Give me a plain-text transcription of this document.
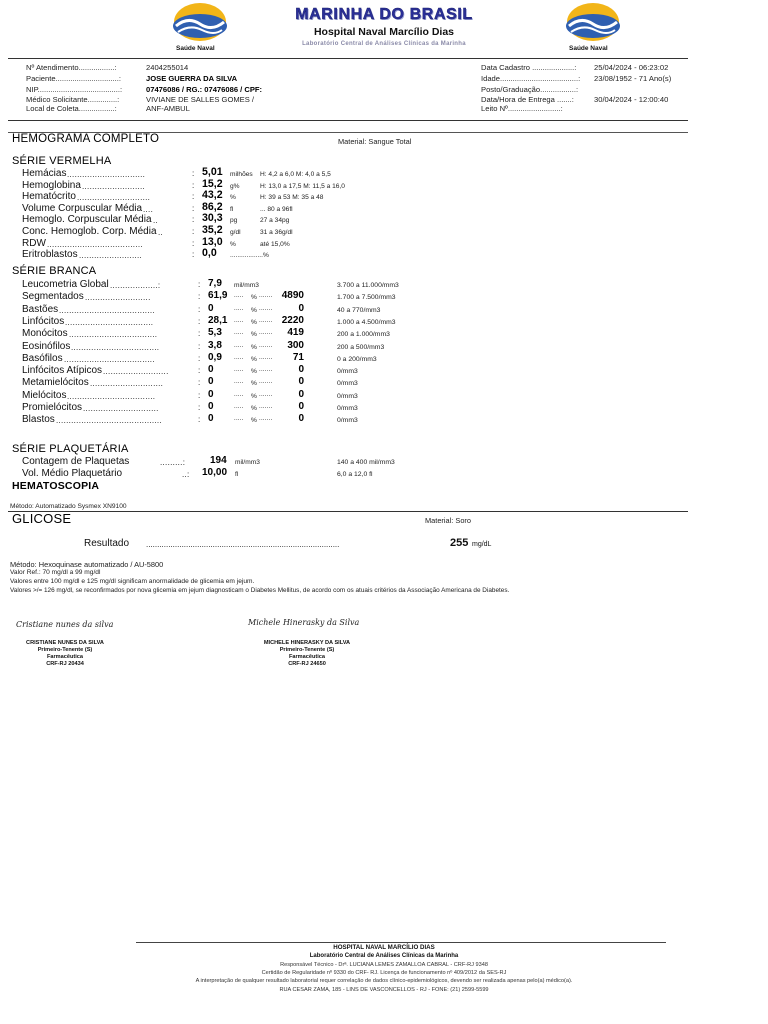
Saúde Naval	Saúde Naval
MARINHA DO BRASIL
Hospital Naval Marcílio Dias
Laboratório Central de Análises Clínicas da Marinha
Nº Atendimento.................:	2404255014
Paciente..............................:	JOSE GUERRA DA SILVA
NIP.......................................:	07476086 / RG.: 07476086 / CPF:
Médico Solicitante..............:	VIVIANE DE SALLES GOMES /
Local de Coleta.................:	ANF-AMBUL
Data Cadastro ....................: 25/04/2024 - 06:23:02
Idade.....................................: 23/08/1952 - 71 Ano(s)
Posto/Graduação.................:
Data/Hora de Entrega .......:	30/04/2024 - 12:00:40
Leito Nº.........................:
HEMOGRAMA COMPLETO	Material: Sangue Total
SÉRIE VERMELHA
Hemácias ...............................	: 5,01 milhões H: 4,2 a 6,0 M: 4,0 a 5,5
Hemoglobina .........................	: 15,2 g%	H: 13,0 a 17,5 M: 11,5 a 16,0
Hematócrito .............................	: 43,2 %	H: 39 a 53 M: 35 a 48
Volume Corpuscular Média ....	: 86,2 fl	... 80 a 96fl
Hemoglo. Corpuscular Média ..	: 30,3 pg	27 a 34pg
Conc. Hemoglob. Corp. Média ..	: 35,2 g/dl	31 a 36g/dl
RDW ......................................	: 13,0 %	até 15,0%
Eritroblastos .........................	: 0,0 ..................%
SÉRIE BRANCA
Leucometria Global ...................:	: 7,9 mil/mm3	3.700 a 11.000/mm3
Segmentados ..........................	: 61,9 ..... % ....... 4890	1.700 a 7.500/mm3
Bastões ......................................	: 0	..... % .......	0	40 a 770/mm3
Linfócitos ...................................	: 28,1 ..... % ....... 2220	1.000 a 4.500/mm3
Monócitos ...................................	: 5,3 ..... % .......	419	200 a 1.000/mm3
Eosinófilos ...................................	: 3,8 ..... % .......	300	200 a 500/mm3
Basófilos ....................................	: 0,9 ..... % .......	71	0 a 200/mm3
Linfócitos Atípicos ..........................	: 0	..... % .......	0	0/mm3
Metamielócitos .............................	: 0	..... % .......	0	0/mm3
Mielócitos ...................................	: 0	..... % .......	0	0/mm3
Promielócitos ..............................	: 0	..... % .......	0	0/mm3
Blastos ..........................................	: 0	..... % .......	0	0/mm3
SÉRIE PLAQUETÁRIA
Contagem de Plaquetas	.........: 194 mil/mm3	140 a 400 mil/mm3
Vol. Médio Plaquetário	..: 10,00 fl	6,0 a 12,0 fl
HEMATOSCOPIA
Método: Automatizado Sysmex XN9100
GLICOSE	Material: Soro
Resultado .......................................................................................	255 mg/dL
Método: Hexoquinase automatizado / AU-5800
Valor Ref.: 70 mg/dl a 99 mg/dl
Valores entre 100 mg/dl e 125 mg/dl significam anormalidade de glicemia em jejum.
Valores >/= 126 mg/dl, se reconfirmados por nova glicemia em jejum diagnosticam o Diabetes Mellitus, de acordo com os atuais critérios da Associação Americana de Diabetes.
Cristiane nunes da silva
CRISTIANE NUNES DA SILVA
Primeiro-Tenente (S)
Farmacêutica
CRF-RJ 20434
Michele Hinerasky da Silva
MICHELE HINERASKY DA SILVA
Primeiro-Tenente (S)
Farmacêutica
CRF-RJ 24650
HOSPITAL NAVAL MARCÍLIO DIAS
Laboratório Central de Análises Clínicas da Marinha
Responsável Técnico - Drª. LUCIANA LEMES ZAMALLOA CABRAL - CRF-RJ 9348
Certidão de Regularidade nº 9330 do CRF- RJ. Licença de funcionamento nº 409/2012 da SES-RJ
A interpretação de qualquer resultado laboratorial requer correlação de dados clínico-epidemiológicos, devendo ser realizada apenas pelo(a) médico(a).
RUA CESAR ZAMA, 185 - LINS DE VASCONCELLOS - RJ - FONE: (21) 2599-5599
